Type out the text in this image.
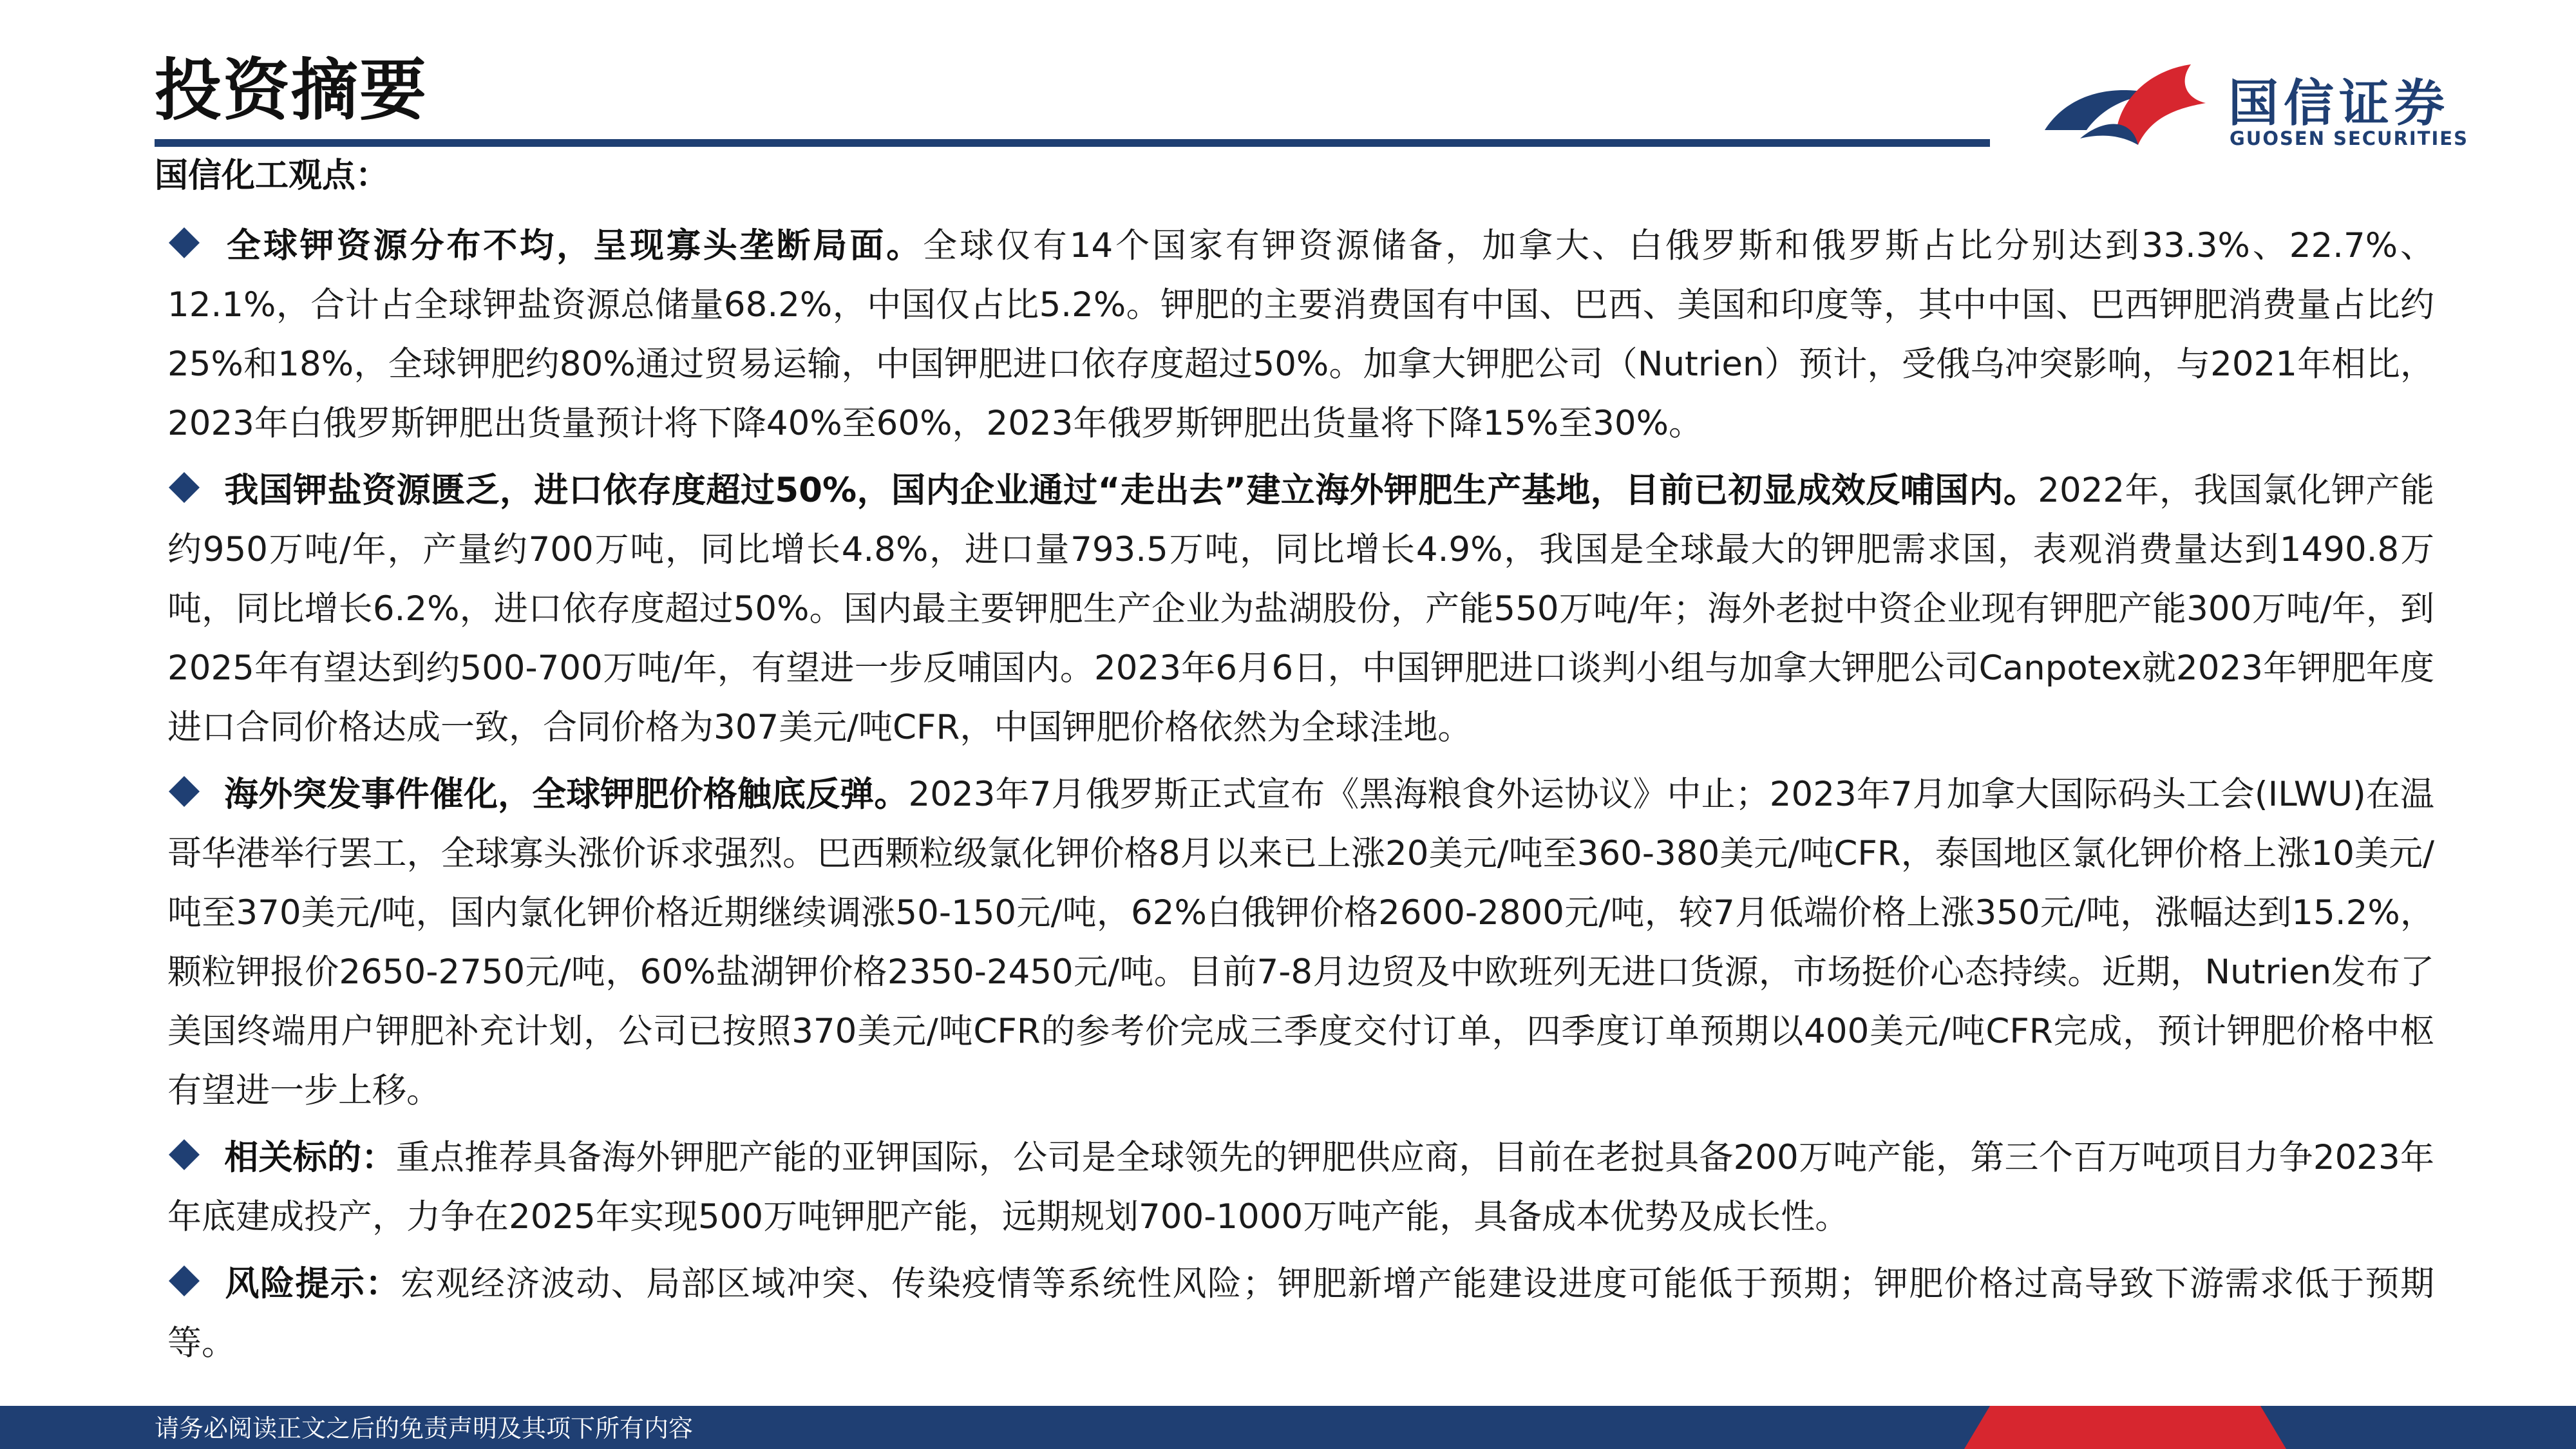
投资摘要	国信证券
GUOSEN SECURITIES
国信化工观点：
全球钾资源分布不均，呈现寡头垄断局面。全球仅有14个国家有钾资源储备，加拿大、白俄罗斯和俄罗斯占比分别达到33.3%、22.7%、12.1%，合计占全球钾盐资源总储量68.2%，中国仅占比5.2%。钾肥的主要消费国有中国、巴西、美国和印度等，其中中国、巴西钾肥消费量占比约25%和18%，全球钾肥约80%通过贸易运输，中国钾肥进口依存度超过50%。加拿大钾肥公司（Nutrien）预计，受俄乌冲突影响，与2021年相比，2023年白俄罗斯钾肥出货量预计将下降40%至60%，2023年俄罗斯钾肥出货量将下降15%至30%。
我国钾盐资源匮乏，进口依存度超过50%，国内企业通过“走出去”建立海外钾肥生产基地，目前已初显成效反哺国内。2022年，我国氯化钾产能约950万吨/年，产量约700万吨，同比增长4.8%，进口量793.5万吨，同比增长4.9%，我国是全球最大的钾肥需求国，表观消费量达到1490.8万吨，同比增长6.2%，进口依存度超过50%。国内最主要钾肥生产企业为盐湖股份，产能550万吨/年；海外老挝中资企业现有钾肥产能300万吨/年，到2025年有望达到约500-700万吨/年，有望进一步反哺国内。2023年6月6日，中国钾肥进口谈判小组与加拿大钾肥公司Canpotex就2023年钾肥年度进口合同价格达成一致，合同价格为307美元/吨CFR，中国钾肥价格依然为全球洼地。
海外突发事件催化，全球钾肥价格触底反弹。2023年7月俄罗斯正式宣布《黑海粮食外运协议》中止；2023年7月加拿大国际码头工会(ILWU)在温哥华港举行罢工，全球寡头涨价诉求强烈。巴西颗粒级氯化钾价格8月以来已上涨20美元/吨至360-380美元/吨CFR，泰国地区氯化钾价格上涨10美元/吨至370美元/吨，国内氯化钾价格近期继续调涨50-150元/吨，62%白俄钾价格2600-2800元/吨，较7月低端价格上涨350元/吨，涨幅达到15.2%，颗粒钾报价2650-2750元/吨，60%盐湖钾价格2350-2450元/吨。目前7-8月边贸及中欧班列无进口货源，市场挺价心态持续。近期，Nutrien发布了美国终端用户钾肥补充计划，公司已按照370美元/吨CFR的参考价完成三季度交付订单，四季度订单预期以400美元/吨CFR完成，预计钾肥价格中枢有望进一步上移。
相关标的：重点推荐具备海外钾肥产能的亚钾国际，公司是全球领先的钾肥供应商，目前在老挝具备200万吨产能，第三个百万吨项目力争2023年年底建成投产，力争在2025年实现500万吨钾肥产能，远期规划700-1000万吨产能，具备成本优势及成长性。
风险提示：宏观经济波动、局部区域冲突、传染疫情等系统性风险；钾肥新增产能建设进度可能低于预期；钾肥价格过高导致下游需求低于预期等。
请务必阅读正文之后的免责声明及其项下所有内容
